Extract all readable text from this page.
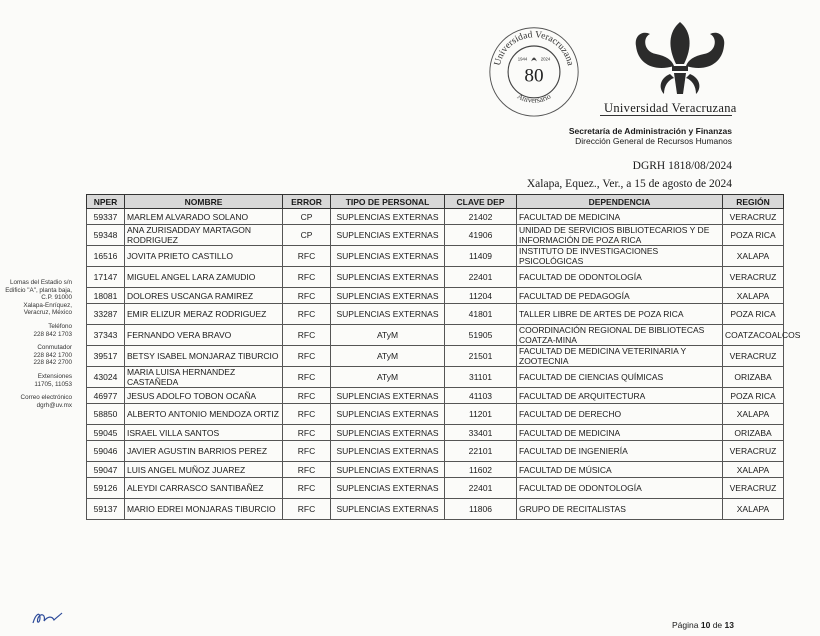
Universidad Veracruzana
Aniversario
1944	2024
80
Universidad Veracruzana
Secretaría de Administración y Finanzas
Dirección General de Recursos Humanos
DGRH 1818/08/2024
Xalapa, Equez., Ver., a 15 de agosto de 2024

Lomas del Estadio s/n
Edificio "A", planta baja,
C.P. 91000
Xalapa-Enríquez,
Veracruz, México

Teléfono
228 842 1703

Conmutador
228 842 1700
228 842 2700

Extensiones
11705, 11053

Correo electrónico
dgrh@uv.mx

NPER	NOMBRE	ERROR	TIPO DE PERSONAL	CLAVE DEP	DEPENDENCIA	REGIÓN
59337	MARLEM ALVARADO SOLANO	CP	SUPLENCIAS EXTERNAS	21402	FACULTAD DE MEDICINA	VERACRUZ
59348	ANA ZURISADDAY MARTAGON RODRIGUEZ	CP	SUPLENCIAS EXTERNAS	41906	UNIDAD DE SERVICIOS BIBLIOTECARIOS Y DE INFORMACIÓN DE POZA RICA	POZA RICA
16516	JOVITA PRIETO CASTILLO	RFC	SUPLENCIAS EXTERNAS	11409	INSTITUTO DE INVESTIGACIONES PSICOLÓGICAS	XALAPA
17147	MIGUEL ANGEL LARA ZAMUDIO	RFC	SUPLENCIAS EXTERNAS	22401	FACULTAD DE ODONTOLOGÍA	VERACRUZ
18081	DOLORES USCANGA RAMIREZ	RFC	SUPLENCIAS EXTERNAS	11204	FACULTAD DE PEDAGOGÍA	XALAPA
33287	EMIR ELIZUR MERAZ RODRIGUEZ	RFC	SUPLENCIAS EXTERNAS	41801	TALLER LIBRE DE ARTES DE POZA RICA	POZA RICA
37343	FERNANDO VERA BRAVO	RFC	ATyM	51905	COORDINACIÓN REGIONAL DE BIBLIOTECAS COATZA-MINA	COATZACOALCOS
39517	BETSY ISABEL MONJARAZ TIBURCIO	RFC	ATyM	21501	FACULTAD DE MEDICINA VETERINARIA Y ZOOTECNIA	VERACRUZ
43024	MARIA LUISA HERNANDEZ CASTAÑEDA	RFC	ATyM	31101	FACULTAD DE CIENCIAS QUÍMICAS	ORIZABA
46977	JESUS ADOLFO TOBON OCAÑA	RFC	SUPLENCIAS EXTERNAS	41103	FACULTAD DE ARQUITECTURA	POZA RICA
58850	ALBERTO ANTONIO MENDOZA ORTIZ	RFC	SUPLENCIAS EXTERNAS	11201	FACULTAD DE DERECHO	XALAPA
59045	ISRAEL VILLA SANTOS	RFC	SUPLENCIAS EXTERNAS	33401	FACULTAD DE MEDICINA	ORIZABA
59046	JAVIER AGUSTIN BARRIOS PEREZ	RFC	SUPLENCIAS EXTERNAS	22101	FACULTAD DE INGENIERÍA	VERACRUZ
59047	LUIS ANGEL MUÑOZ JUAREZ	RFC	SUPLENCIAS EXTERNAS	11602	FACULTAD DE MÚSICA	XALAPA
59126	ALEYDI CARRASCO SANTIBAÑEZ	RFC	SUPLENCIAS EXTERNAS	22401	FACULTAD DE ODONTOLOGÍA	VERACRUZ
59137	MARIO EDREI MONJARAS TIBURCIO	RFC	SUPLENCIAS EXTERNAS	11806	GRUPO DE RECITALISTAS	XALAPA
Página 10 de 13
